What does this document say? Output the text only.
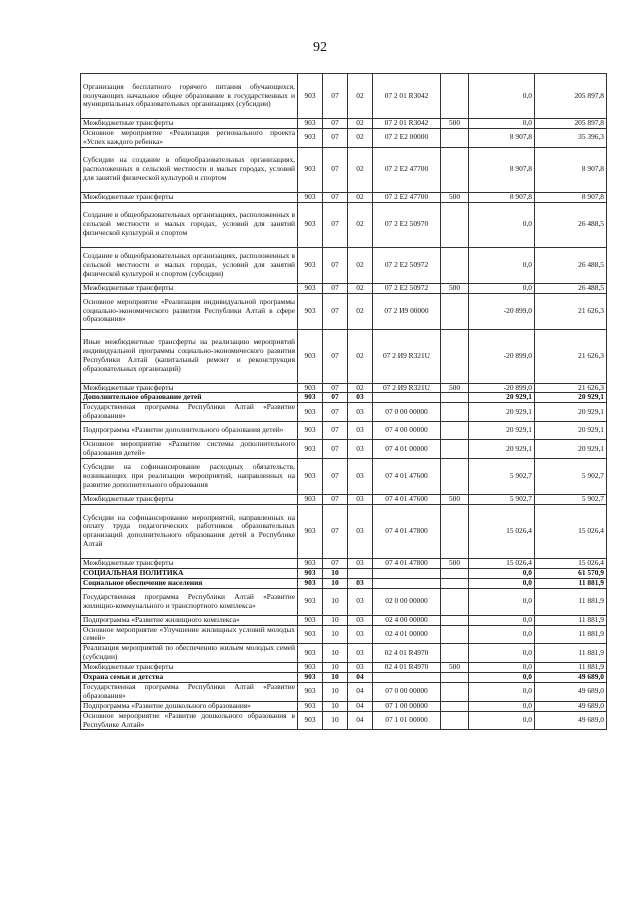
92
Организация бесплатного горячего питания обучающихся, получающих начальное общее образование в государственных и муниципальных образовательных организациях (субсидии)	903	07	02	07 2 01 R3042		0,0	205 897,8
Межбюджетные трансферты	903	07	02	07 2 01 R3042	500	0,0	205 897,8
Основное мероприятие «Реализация регионального проекта «Успех каждого ребенка»	903	07	02	07 2 E2 00000		8 907,8	35 396,3
Субсидии на создание в общеобразовательных организациях, расположенных в сельской местности и малых городах, условий для занятий физической культурой и спортом	903	07	02	07 2 E2 47700		8 907,8	8 907,8
Межбюджетные трансферты	903	07	02	07 2 E2 47700	500	8 907,8	8 907,8
Создание в общеобразовательных организациях, расположенных в сельской местности и малых городах, условий для занятий физической культурой и спортом	903	07	02	07 2 E2 50970		0,0	26 488,5
Создание в общеобразовательных организациях, расположенных в сельской местности и малых городах, условий для занятий физической культурой и спортом (субсидии)	903	07	02	07 2 E2 50972		0,0	26 488,5
Межбюджетные трансферты	903	07	02	07 2 E2 50972	500	0,0	26 488,5
Основное мероприятие «Реализация индивидуальной программы социально-экономического развития Республики Алтай в сфере образования»	903	07	02	07 2 И9 00000		-20 899,0	21 626,3
Иные межбюджетные трансферты на реализацию мероприятий индивидуальной программы социально-экономического развития Республики Алтай (капитальный ремонт и реконструкция образовательных организаций)	903	07	02	07 2 И9 R321U		-20 899,0	21 626,3
Межбюджетные трансферты	903	07	02	07 2 И9 R321U	500	-20 899,0	21 626,3
Дополнительное образование детей	903	07	03			20 929,1	20 929,1
Государственная программа Республики Алтай «Развитие образования»	903	07	03	07 0 00 00000		20 929,1	20 929,1
Подпрограмма «Развитие дополнительного образования детей»	903	07	03	07 4 00 00000		20 929,1	20 929,1
Основное мероприятие «Развитие системы дополнительного образования детей»	903	07	03	07 4 01 00000		20 929,1	20 929,1
Субсидии на софинансирование расходных обязательств, возникающих при реализации мероприятий, направленных на развитие дополнительного образования	903	07	03	07 4 01 47600		5 902,7	5 902,7
Межбюджетные трансферты	903	07	03	07 4 01 47600	500	5 902,7	5 902,7
Субсидии на софинансирование мероприятий, направленных на оплату труда педагогических работников образовательных организаций дополнительного образования детей в Республике Алтай	903	07	03	07 4 01 47800		15 026,4	15 026,4
Межбюджетные трансферты	903	07	03	07 4 01 47800	500	15 026,4	15 026,4
СОЦИАЛЬНАЯ ПОЛИТИКА	903	10				0,0	61 570,9
Социальное обеспечение населения	903	10	03			0,0	11 881,9
Государственная программа Республики Алтай «Развитие жилищно-коммунального и транспортного комплекса»	903	10	03	02 0 00 00000		0,0	11 881,9
Подпрограмма «Развитие жилищного комплекса»	903	10	03	02 4 00 00000		0,0	11 881,9
Основное мероприятие «Улучшение жилищных условий молодых семей»	903	10	03	02 4 01 00000		0,0	11 881,9
Реализация мероприятий по обеспечению жильем молодых семей (субсидии)	903	10	03	02 4 01 R4970		0,0	11 881,9
Межбюджетные трансферты	903	10	03	02 4 01 R4970	500	0,0	11 881,9
Охрана семьи и детства	903	10	04			0,0	49 689,0
Государственная программа Республики Алтай «Развитие образования»	903	10	04	07 0 00 00000		0,0	49 689,0
Подпрограмма «Развитие дошкольного образования»	903	10	04	07 1 00 00000		0,0	49 689,0
Основное мероприятие «Развитие дошкольного образования в Республике Алтай»	903	10	04	07 1 01 00000		0,0	49 689,0
